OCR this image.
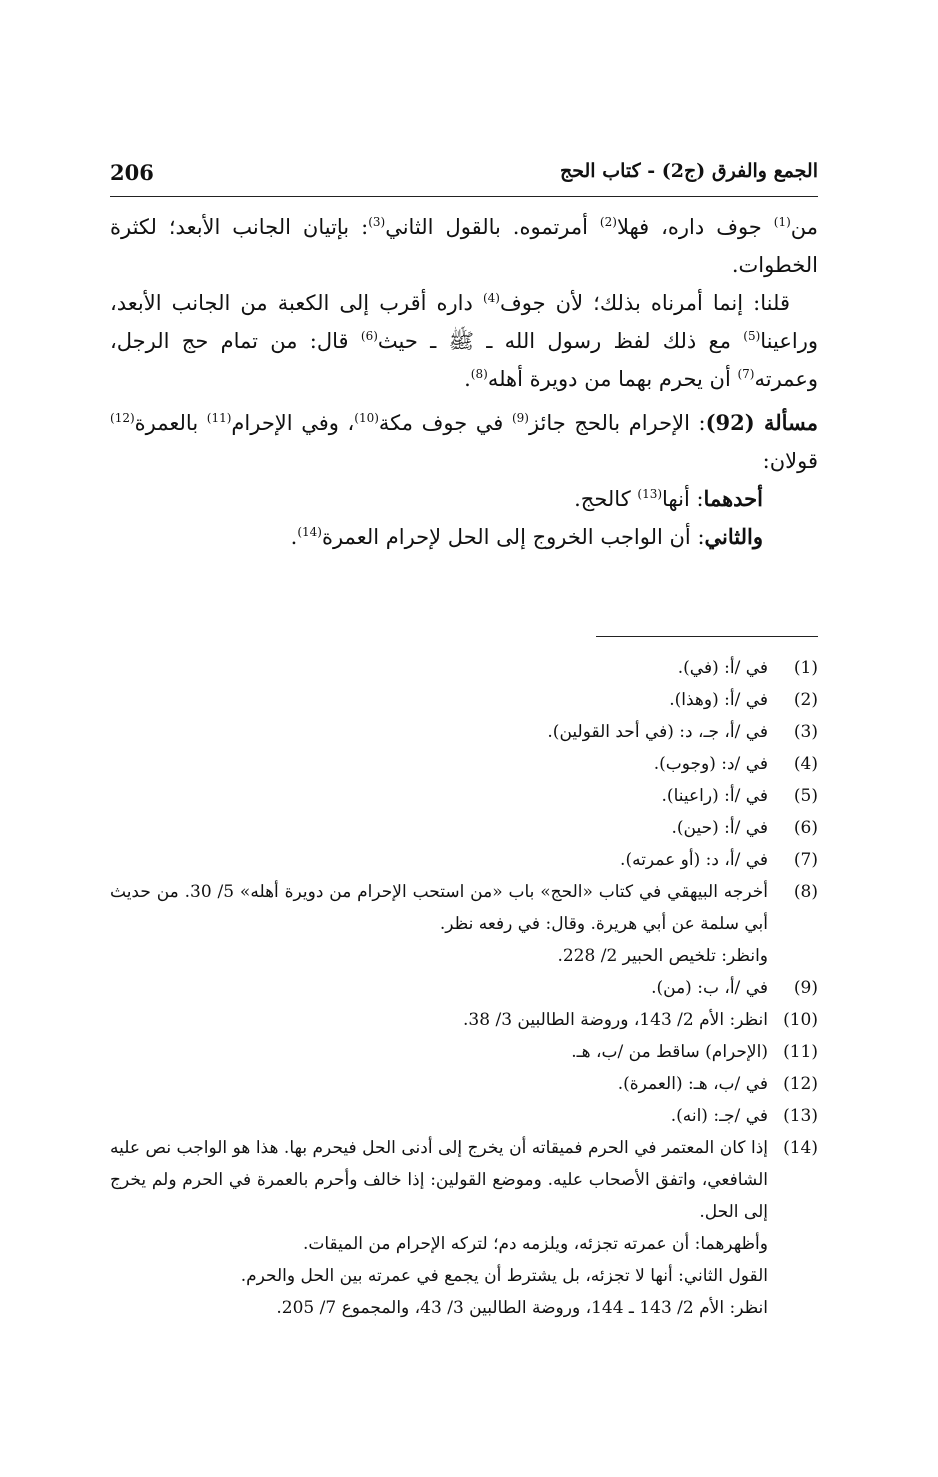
206	الجمع والفرق (ج2) - كتاب الحج

من$^{(1)}$ جوف داره، فهلا$^{(2)}$ أمرتموه. بالقول الثاني$^{(3)}$: بإتيان الجانب الأبعد؛ لكثرة الخطوات.

قلنا: إنما أمرناه بذلك؛ لأن جوف$^{(4)}$ داره أقرب إلى الكعبة من الجانب الأبعد، وراعينا$^{(5)}$ مع ذلك لفظ رسول الله ـ ﷺ ـ حيث$^{(6)}$ قال: من تمام حج الرجل، وعمرته$^{(7)}$ أن يحرم بهما من دويرة أهله$^{(8)}$.

مسألة (92): الإحرام بالحج جائز$^{(9)}$ في جوف مكة$^{(10)}$، وفي الإحرام$^{(11)}$ بالعمرة$^{(12)}$ قولان:

أحدهما: أنها$^{(13)}$ كالحج.

والثاني: أن الواجب الخروج إلى الحل لإحرام العمرة$^{(14)}$.

(1)
في /أ: (في).
(2)
في /أ: (وهذا).
(3)
في /أ، جـ، د: (في أحد القولين).
(4)
في /د: (وجوب).
(5)
في /أ: (راعينا).
(6)
في /أ: (حين).
(7)
في /أ، د: (أو عمرته).
(8)
أخرجه البيهقي في كتاب «الحج» باب «من استحب الإحرام من دويرة أهله» 5/ 30. من حديث أبي سلمة عن أبي هريرة. وقال: في رفعه نظر.
وانظر: تلخيص الحبير 2/ 228.
(9)
في /أ، ب: (من).
(10)
انظر: الأم 2/ 143، وروضة الطالبين 3/ 38.
(11)
(الإحرام) ساقط من /ب، هـ.
(12)
في /ب، هـ: (العمرة).
(13)
في /جـ: (انه).
(14)
إذا كان المعتمر في الحرم فميقاته أن يخرج إلى أدنى الحل فيحرم بها. هذا هو الواجب نص عليه الشافعي، واتفق الأصحاب عليه. وموضع القولين: إذا خالف وأحرم بالعمرة في الحرم ولم يخرج إلى الحل.
وأظهرهما: أن عمرته تجزئه، ويلزمه دم؛ لتركه الإحرام من الميقات.
القول الثاني: أنها لا تجزئه، بل يشترط أن يجمع في عمرته بين الحل والحرم.
انظر: الأم 2/ 143 ـ 144، وروضة الطالبين 3/ 43، والمجموع 7/ 205.
